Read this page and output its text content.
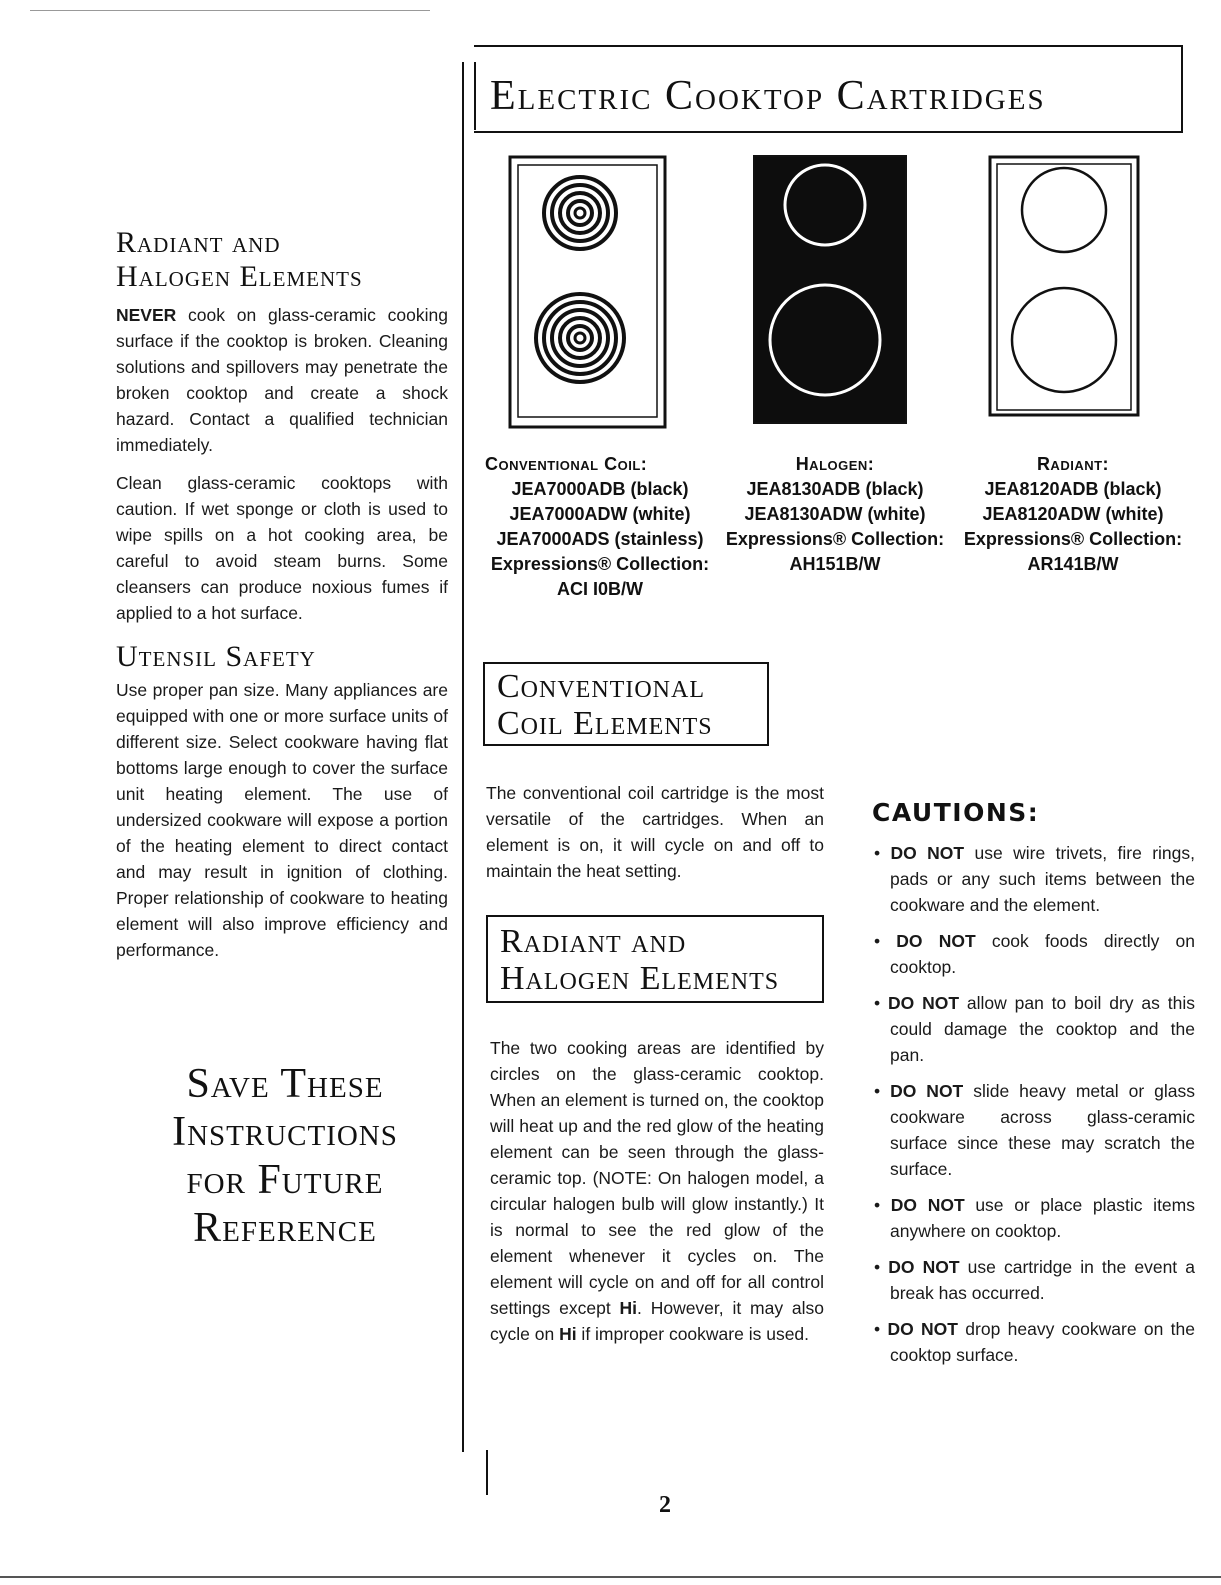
Radiant and
Halogen Elements

NEVER cook on glass-ceramic cooking surface if the cooktop is broken. Cleaning solutions and spillovers may penetrate the broken cooktop and create a shock hazard. Contact a qualified technician immediately.

Clean glass-ceramic cooktops with caution. If wet sponge or cloth is used to wipe spills on a hot cooking area, be careful to avoid steam burns. Some cleansers can produce noxious fumes if applied to a hot surface.

Utensil Safety

Use proper pan size. Many appliances are equipped with one or more surface units of different size. Select cookware having flat bottoms large enough to cover the surface unit heating element. The use of undersized cookware will expose a portion of the heating element to direct contact and may result in ignition of clothing. Proper relationship of cookware to heating element will also improve efficiency and performance.

Save These
Instructions
for Future
Reference
Electric Cooktop Cartridges
Conventional Coil:
JEA7000ADB (black)
JEA7000ADW (white)
JEA7000ADS (stainless)
Expressions® Collection:
ACI I0B/W
Halogen:
JEA8130ADB (black)
JEA8130ADW (white)
Expressions® Collection:
AH151B/W
Radiant:
JEA8120ADB (black)
JEA8120ADW (white)
Expressions® Collection:
AR141B/W
Conventional
Coil Elements

The conventional coil cartridge is the most versatile of the cartridges. When an element is on, it will cycle on and off to maintain the heat setting.

Radiant and
Halogen Elements

The two cooking areas are identified by circles on the glass-ceramic cooktop. When an element is turned on, the cooktop will heat up and the red glow of the heating element can be seen through the glass-ceramic top. (NOTE: On halogen model, a circular halogen bulb will glow instantly.) It is normal to see the red glow of the element whenever it cycles on. The element will cycle on and off for all control settings except Hi. However, it may also cycle on Hi if improper cookware is used.

CAUTIONS:
• DO NOT use wire trivets, fire rings, pads or any such items between the cookware and the element.
• DO NOT cook foods directly on cooktop.
• DO NOT allow pan to boil dry as this could damage the cooktop and the pan.
• DO NOT slide heavy metal or glass cookware across glass-ceramic surface since these may scratch the surface.
• DO NOT use or place plastic items anywhere on cooktop.
• DO NOT use cartridge in the event a break has occurred.
• DO NOT drop heavy cookware on the cooktop surface.
2
